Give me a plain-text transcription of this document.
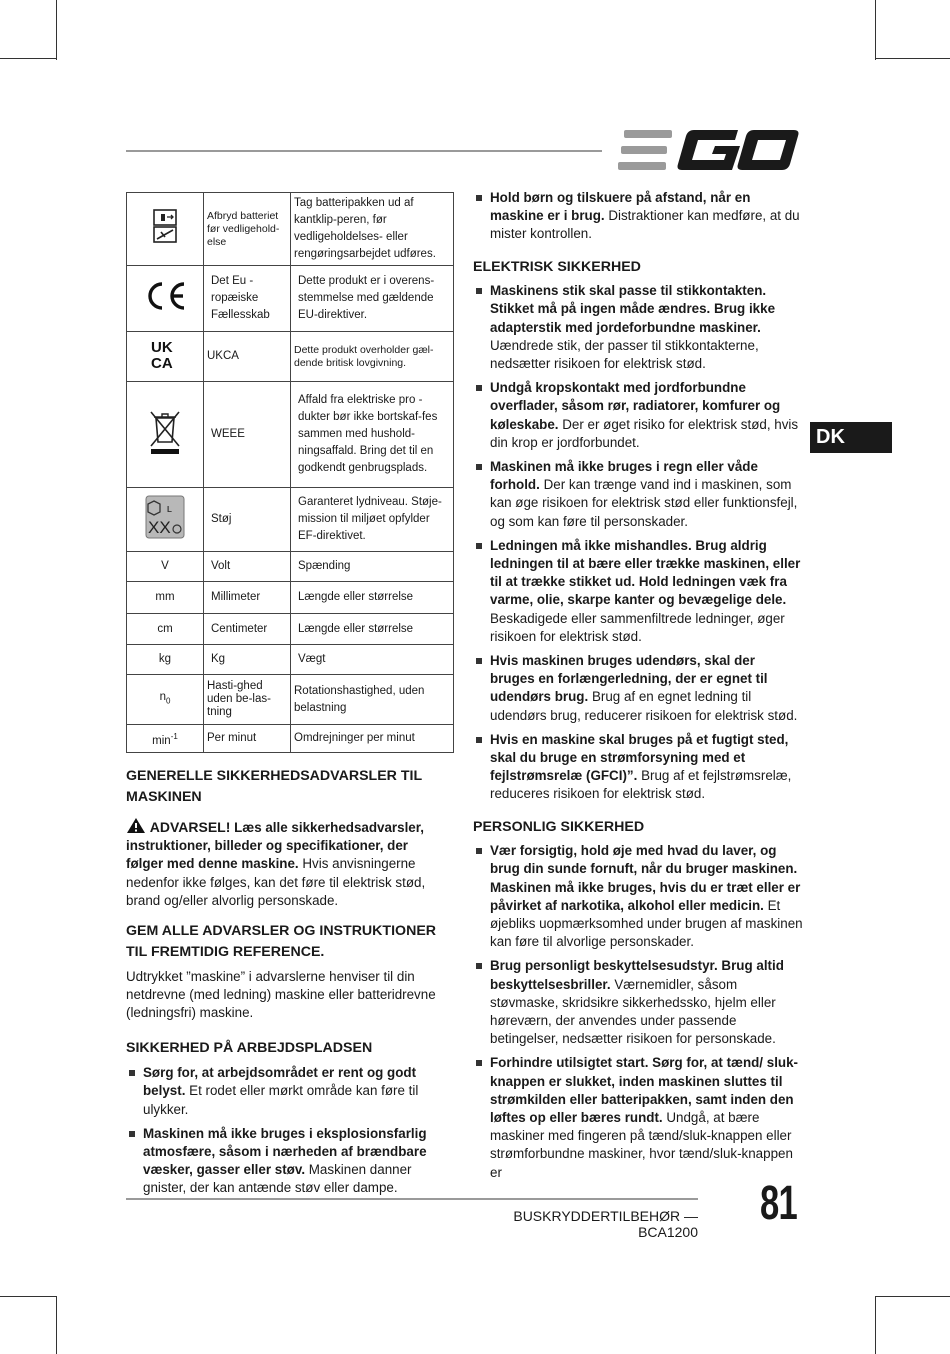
EGO
DK
	Afbryd batteriet før vedligehold-else	Tag batteripakken ud af kantklip-peren, før vedligeholdelses- eller rengøringsarbejdet udføres.
	Det Eu -ropæiske Fællesskab	Dette produkt er i overens-stemmelse med gældende EU-direktiver.

UK
CA	UKCA	Dette produkt overholder gæl-dende britisk lovgivning.
	WEEE	Affald fra elektriske pro -dukter bør ikke bortskaf-fes sammen med hushold-ningsaffald. Bring det til en godkendt genbrugsplads.

L
XX	Støj	Garanteret lydniveau. Støje-mission til miljøet opfylder EF-direktivet.
V	Volt	Spænding
mm	Millimeter	Længde eller størrelse
cm	Centimeter	Længde eller størrelse
kg	Kg	Vægt
$n_0$	Hasti-ghed uden be-las-tning	Rotationshastighed, uden belastning
$\min^{-1}$	Per minut	Omdrejninger per minut
GENERELLE SIKKERHEDSADVARSLER TIL MASKINEN

ADVARSEL! Læs alle sikkerhedsadvarsler, instruktioner, billeder og specifikationer, der følger med denne maskine. Hvis anvisningerne nedenfor ikke følges, kan det føre til elektrisk stød, brand og/eller alvorlig personskade.

GEM ALLE ADVARSLER OG INSTRUKTIONER TIL FREMTIDIG REFERENCE.

Udtrykket ”maskine” i advarslerne henviser til din netdrevne (med ledning) maskine eller batteridrevne (ledningsfri) maskine.

SIKKERHED PÅ ARBEJDSPLADSEN

Sørg for, at arbejdsområdet er rent og godt belyst. Et rodet eller mørkt område kan føre til ulykker.

Maskinen må ikke bruges i eksplosionsfarlig atmosfære, såsom i nærheden af brændbare væsker, gasser eller støv. Maskinen danner gnister, der kan antænde støv eller dampe.

Hold børn og tilskuere på afstand, når en maskine er i brug. Distraktioner kan medføre, at du mister kontrollen.

ELEKTRISK SIKKERHED

Maskinens stik skal passe til stikkontakten. Stikket må på ingen måde ændres. Brug ikke adapterstik med jordeforbundne maskiner. Uændrede stik, der passer til stikkontakterne, nedsætter risikoen for elektrisk stød.

Undgå kropskontakt med jordforbundne overflader, såsom rør, radiatorer, komfurer og køleskabe. Der er øget risiko for elektrisk stød, hvis din krop er jordforbundet.

Maskinen må ikke bruges i regn eller våde forhold. Der kan trænge vand ind i maskinen, som kan øge risikoen for elektrisk stød eller funktionsfejl, og som kan føre til personskader.

Ledningen må ikke mishandles. Brug aldrig ledningen til at bære eller trække maskinen, eller til at trække stikket ud. Hold ledningen væk fra varme, olie, skarpe kanter og bevægelige dele. Beskadigede eller sammenfiltrede ledninger, øger risikoen for elektrisk stød.

Hvis maskinen bruges udendørs, skal der bruges en forlængerledning, der er egnet til udendørs brug. Brug af en egnet ledning til udendørs brug, reducerer risikoen for elektrisk stød.

Hvis en maskine skal bruges på et fugtigt sted, skal du bruge en strømforsyning med et fejlstrømsrelæ (GFCI)”. Brug af et fejlstrømsrelæ, reduceres risikoen for elektrisk stød.

PERSONLIG SIKKERHED

Vær forsigtig, hold øje med hvad du laver, og brug din sunde fornuft, når du bruger maskinen. Maskinen må ikke bruges, hvis du er træt eller er påvirket af narkotika, alkohol eller medicin. Et øjebliks uopmærksomhed under brugen af maskinen kan føre til alvorlige personskader.

Brug personligt beskyttelsesudstyr. Brug altid beskyttelsesbriller. Værnemidler, såsom støvmaske, skridsikre sikkerhedssko, hjelm eller høreværn, der anvendes under passende betingelser, nedsætter risikoen for personskade.

Forhindre utilsigtet start. Sørg for, at tænd/ sluk-knappen er slukket, inden maskinen sluttes til strømkilden eller batteripakken, samt inden den løftes op eller bæres rundt. Undgå, at bære maskiner med fingeren på tænd/sluk-knappen eller strømforbundne maskiner, hvor tænd/sluk-knappen er

BUSKRYDDERTILBEHØR — BCA1200
81
